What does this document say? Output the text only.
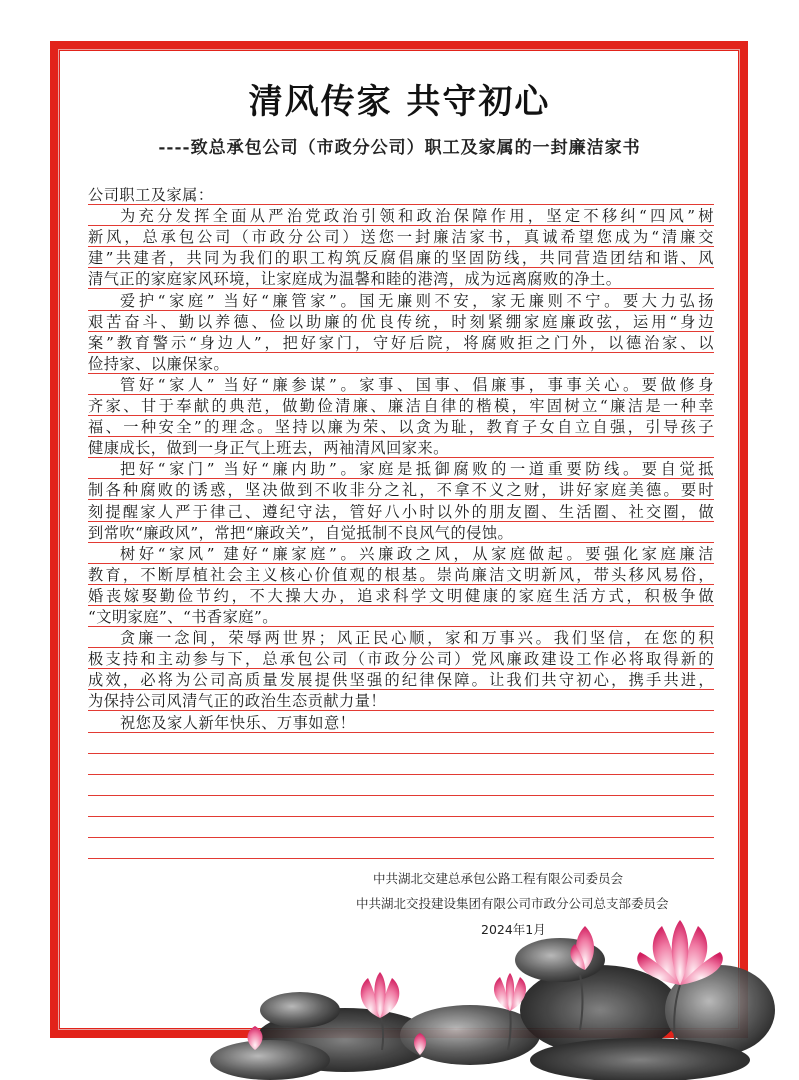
清风传家 共守初心
----致总承包公司（市政分公司）职工及家属的一封廉洁家书
公司职工及家属：
为充分发挥全面从严治党政治引领和政治保障作用，坚定不移纠“四风”树
新风，总承包公司（市政分公司）送您一封廉洁家书，真诚希望您成为“清廉交
建”共建者，共同为我们的职工构筑反腐倡廉的坚固防线，共同营造团结和谐、风
清气正的家庭家风环境，让家庭成为温馨和睦的港湾，成为远离腐败的净土。
爱护“家庭” 当好“廉管家”。国无廉则不安，家无廉则不宁。要大力弘扬
艰苦奋斗、勤以养德、俭以助廉的优良传统，时刻紧绷家庭廉政弦，运用“身边
案”教育警示“身边人”，把好家门，守好后院，将腐败拒之门外，以德治家、以
俭持家、以廉保家。
管好“家人” 当好“廉参谋”。家事、国事、倡廉事，事事关心。要做修身
齐家、甘于奉献的典范，做勤俭清廉、廉洁自律的楷模，牢固树立“廉洁是一种幸
福、一种安全”的理念。坚持以廉为荣、以贪为耻，教育子女自立自强，引导孩子
健康成长，做到一身正气上班去，两袖清风回家来。
把好“家门” 当好“廉内助”。家庭是抵御腐败的一道重要防线。要自觉抵
制各种腐败的诱惑，坚决做到不收非分之礼，不拿不义之财，讲好家庭美德。要时
刻提醒家人严于律己、遵纪守法，管好八小时以外的朋友圈、生活圈、社交圈，做
到常吹“廉政风”，常把“廉政关”，自觉抵制不良风气的侵蚀。
树好“家风” 建好“廉家庭”。兴廉政之风，从家庭做起。要强化家庭廉洁
教育，不断厚植社会主义核心价值观的根基。崇尚廉洁文明新风，带头移风易俗，
婚丧嫁娶勤俭节约，不大操大办，追求科学文明健康的家庭生活方式，积极争做
“文明家庭”、“书香家庭”。
贪廉一念间，荣辱两世界；风正民心顺，家和万事兴。我们坚信，在您的积
极支持和主动参与下，总承包公司（市政分公司）党风廉政建设工作必将取得新的
成效，必将为公司高质量发展提供坚强的纪律保障。让我们共守初心，携手共进，
为保持公司风清气正的政治生态贡献力量！
祝您及家人新年快乐、万事如意！
中共湖北交建总承包公路工程有限公司委员会
中共湖北交投建设集团有限公司市政分公司总支部委员会
2024年1月
